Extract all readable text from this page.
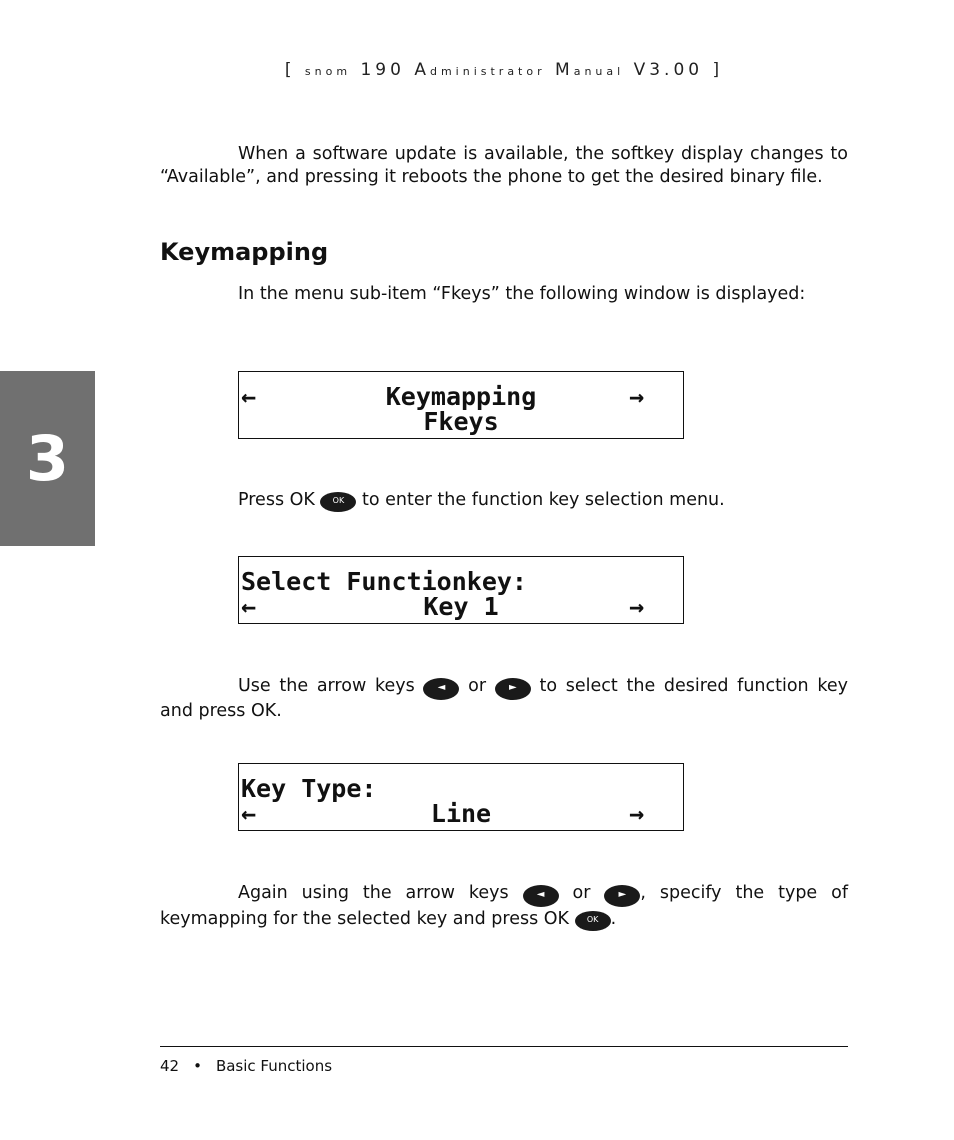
[ snom 190 Administrator Manual V3.00 ]

When a software update is available, the softkey display changes to “Available”, and pressing it reboots the phone to get the desired binary file.

Keymapping

In the menu sub-item “Fkeys” the following window is displayed:

3
←	Keymapping	→
Fkeys

Press OK OK to enter the function key selection menu.

Select Functionkey:
←	Key 1	→

Use the arrow keys ◄ or ► to select the desired function key and press OK.

Key Type:
←	Line	→

Again using the arrow keys	◄ or	► , specify the type of keymapping for the selected key and press OK OK .

42 • Basic Functions
